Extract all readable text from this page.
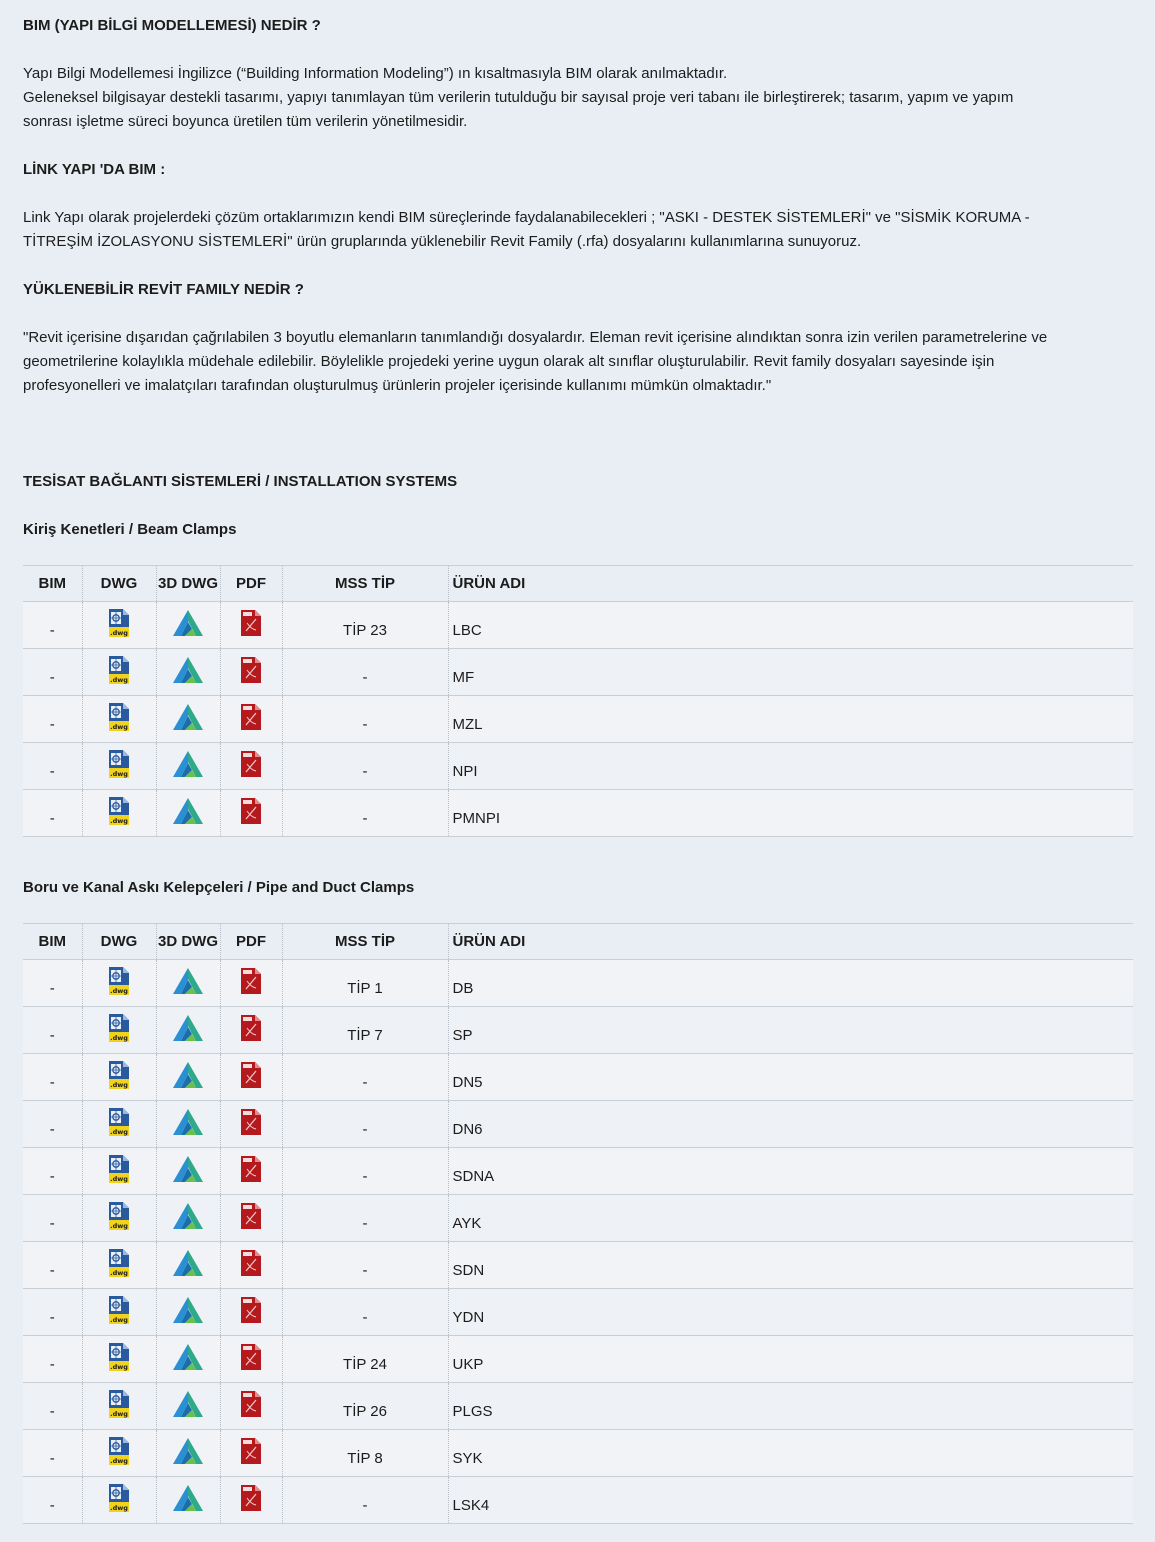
BIM (YAPI BİLGİ MODELLEMESİ) NEDİR ?
Yapı Bilgi Modellemesi İngilizce (“Building Information Modeling”) ın kısaltmasıyla BIM olarak anılmaktadır.
Geleneksel bilgisayar destekli tasarımı, yapıyı tanımlayan tüm verilerin tutulduğu bir sayısal proje veri tabanı ile birleştirerek; tasarım, yapım ve yapım
sonrası işletme süreci boyunca üretilen tüm verilerin yönetilmesidir.
LİNK YAPI 'DA BIM :
Link Yapı olarak projelerdeki çözüm ortaklarımızın kendi BIM süreçlerinde faydalanabilecekleri ; "ASKI - DESTEK SİSTEMLERİ" ve "SİSMİK KORUMA -
TİTREŞİM İZOLASYONU SİSTEMLERİ" ürün gruplarında yüklenebilir Revit Family (.rfa) dosyalarını kullanımlarına sunuyoruz.
YÜKLENEBİLİR REVİT FAMILY NEDİR ?
"Revit içerisine dışarıdan çağrılabilen 3 boyutlu elemanların tanımlandığı dosyalardır. Eleman revit içerisine alındıktan sonra izin verilen parametrelerine ve
geometrilerine kolaylıkla müdehale edilebilir. Böylelikle projedeki yerine uygun olarak alt sınıflar oluşturulabilir. Revit family dosyaları sayesinde işin
profesyonelleri ve imalatçıları tarafından oluşturulmuş ürünlerin projeler içerisinde kullanımı mümkün olmaktadır."
TESİSAT BAĞLANTI SİSTEMLERİ / INSTALLATION SYSTEMS
Kiriş Kenetleri / Beam Clamps
BIM	DWG	3D DWG	PDF	MSS TİP	ÜRÜN ADI
-	.dwg			TİP 23	LBC
-	.dwg			-	MF
-	.dwg			-	MZL
-	.dwg			-	NPI
-	.dwg			-	PMNPI
Boru ve Kanal Askı Kelepçeleri / Pipe and Duct Clamps
BIM	DWG	3D DWG	PDF	MSS TİP	ÜRÜN ADI
-	.dwg			TİP 1	DB
-	.dwg			TİP 7	SP
-	.dwg			-	DN5
-	.dwg			-	DN6
-	.dwg			-	SDNA
-	.dwg			-	AYK
-	.dwg			-	SDN
-	.dwg			-	YDN
-	.dwg			TİP 24	UKP
-	.dwg			TİP 26	PLGS
-	.dwg			TİP 8	SYK
-	.dwg			-	LSK4
